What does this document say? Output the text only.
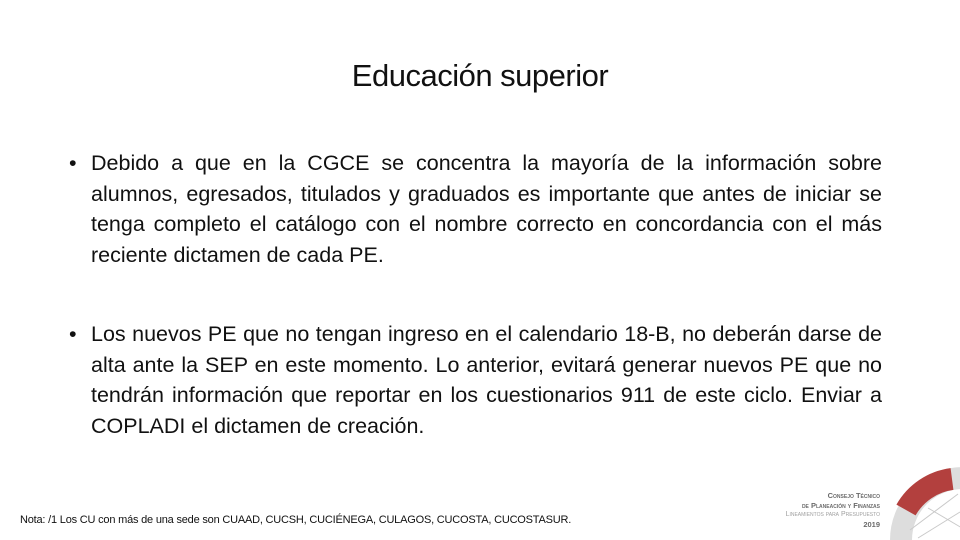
Educación superior

• Debido a que en la CGCE se concentra la mayoría de la información sobre alumnos, egresados, titulados y graduados es importante que antes de iniciar se tenga completo el catálogo con el nombre correcto en concordancia con el más reciente dictamen de cada PE.

• Los nuevos PE que no tengan ingreso en el calendario 18-B, no deberán darse de alta ante la SEP en este momento. Lo anterior, evitará generar nuevos PE que no tendrán información que reportar en los cuestionarios 911 de este ciclo. Enviar a COPLADI el dictamen de creación.

Nota: /1 Los CU con más de una sede son CUAAD, CUCSH, CUCIÉNEGA, CULAGOS, CUCOSTA, CUCOSTASUR.
Consejo Técnico
de Planeación y Finanzas
Lineamientos para Presupuesto
2019
